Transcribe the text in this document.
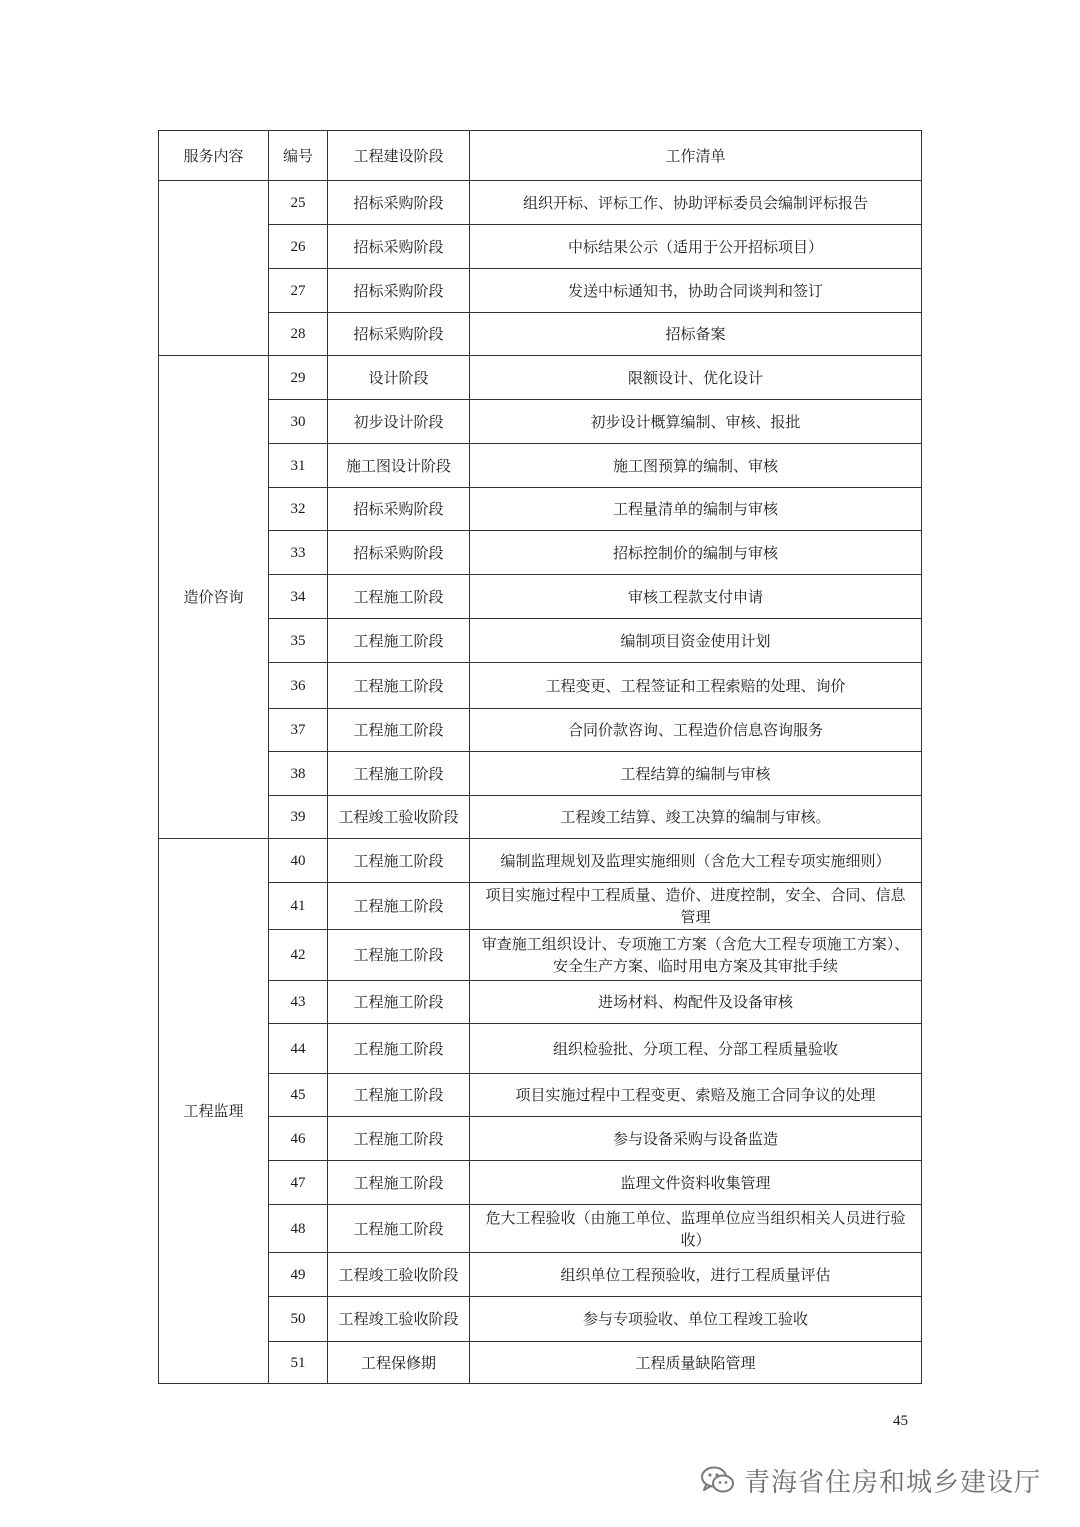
服务内容	编号	工程建设阶段	工作清单
	25	招标采购阶段	组织开标、评标工作、协助评标委员会编制评标报告
	26	招标采购阶段	中标结果公示（适用于公开招标项目）
	27	招标采购阶段	发送中标通知书，协助合同谈判和签订
	28	招标采购阶段	招标备案
造价咨询	29	设计阶段	限额设计、优化设计
	30	初步设计阶段	初步设计概算编制、审核、报批
	31	施工图设计阶段	施工图预算的编制、审核
	32	招标采购阶段	工程量清单的编制与审核
	33	招标采购阶段	招标控制价的编制与审核
	34	工程施工阶段	审核工程款支付申请
	35	工程施工阶段	编制项目资金使用计划
	36	工程施工阶段	工程变更、工程签证和工程索赔的处理、询价
	37	工程施工阶段	合同价款咨询、工程造价信息咨询服务
	38	工程施工阶段	工程结算的编制与审核
	39	工程竣工验收阶段	工程竣工结算、竣工决算的编制与审核。
工程监理	40	工程施工阶段	编制监理规划及监理实施细则（含危大工程专项实施细则）
	41	工程施工阶段	项目实施过程中工程质量、造价、进度控制，安全、合同、信息管理
	42	工程施工阶段	审查施工组织设计、专项施工方案（含危大工程专项施工方案）、安全生产方案、临时用电方案及其审批手续
	43	工程施工阶段	进场材料、构配件及设备审核
	44	工程施工阶段	组织检验批、分项工程、分部工程质量验收
	45	工程施工阶段	项目实施过程中工程变更、索赔及施工合同争议的处理
	46	工程施工阶段	参与设备采购与设备监造
	47	工程施工阶段	监理文件资料收集管理
	48	工程施工阶段	危大工程验收（由施工单位、监理单位应当组织相关人员进行验收）
	49	工程竣工验收阶段	组织单位工程预验收，进行工程质量评估
	50	工程竣工验收阶段	参与专项验收、单位工程竣工验收
	51	工程保修期	工程质量缺陷管理
45
青海省住房和城乡建设厅
